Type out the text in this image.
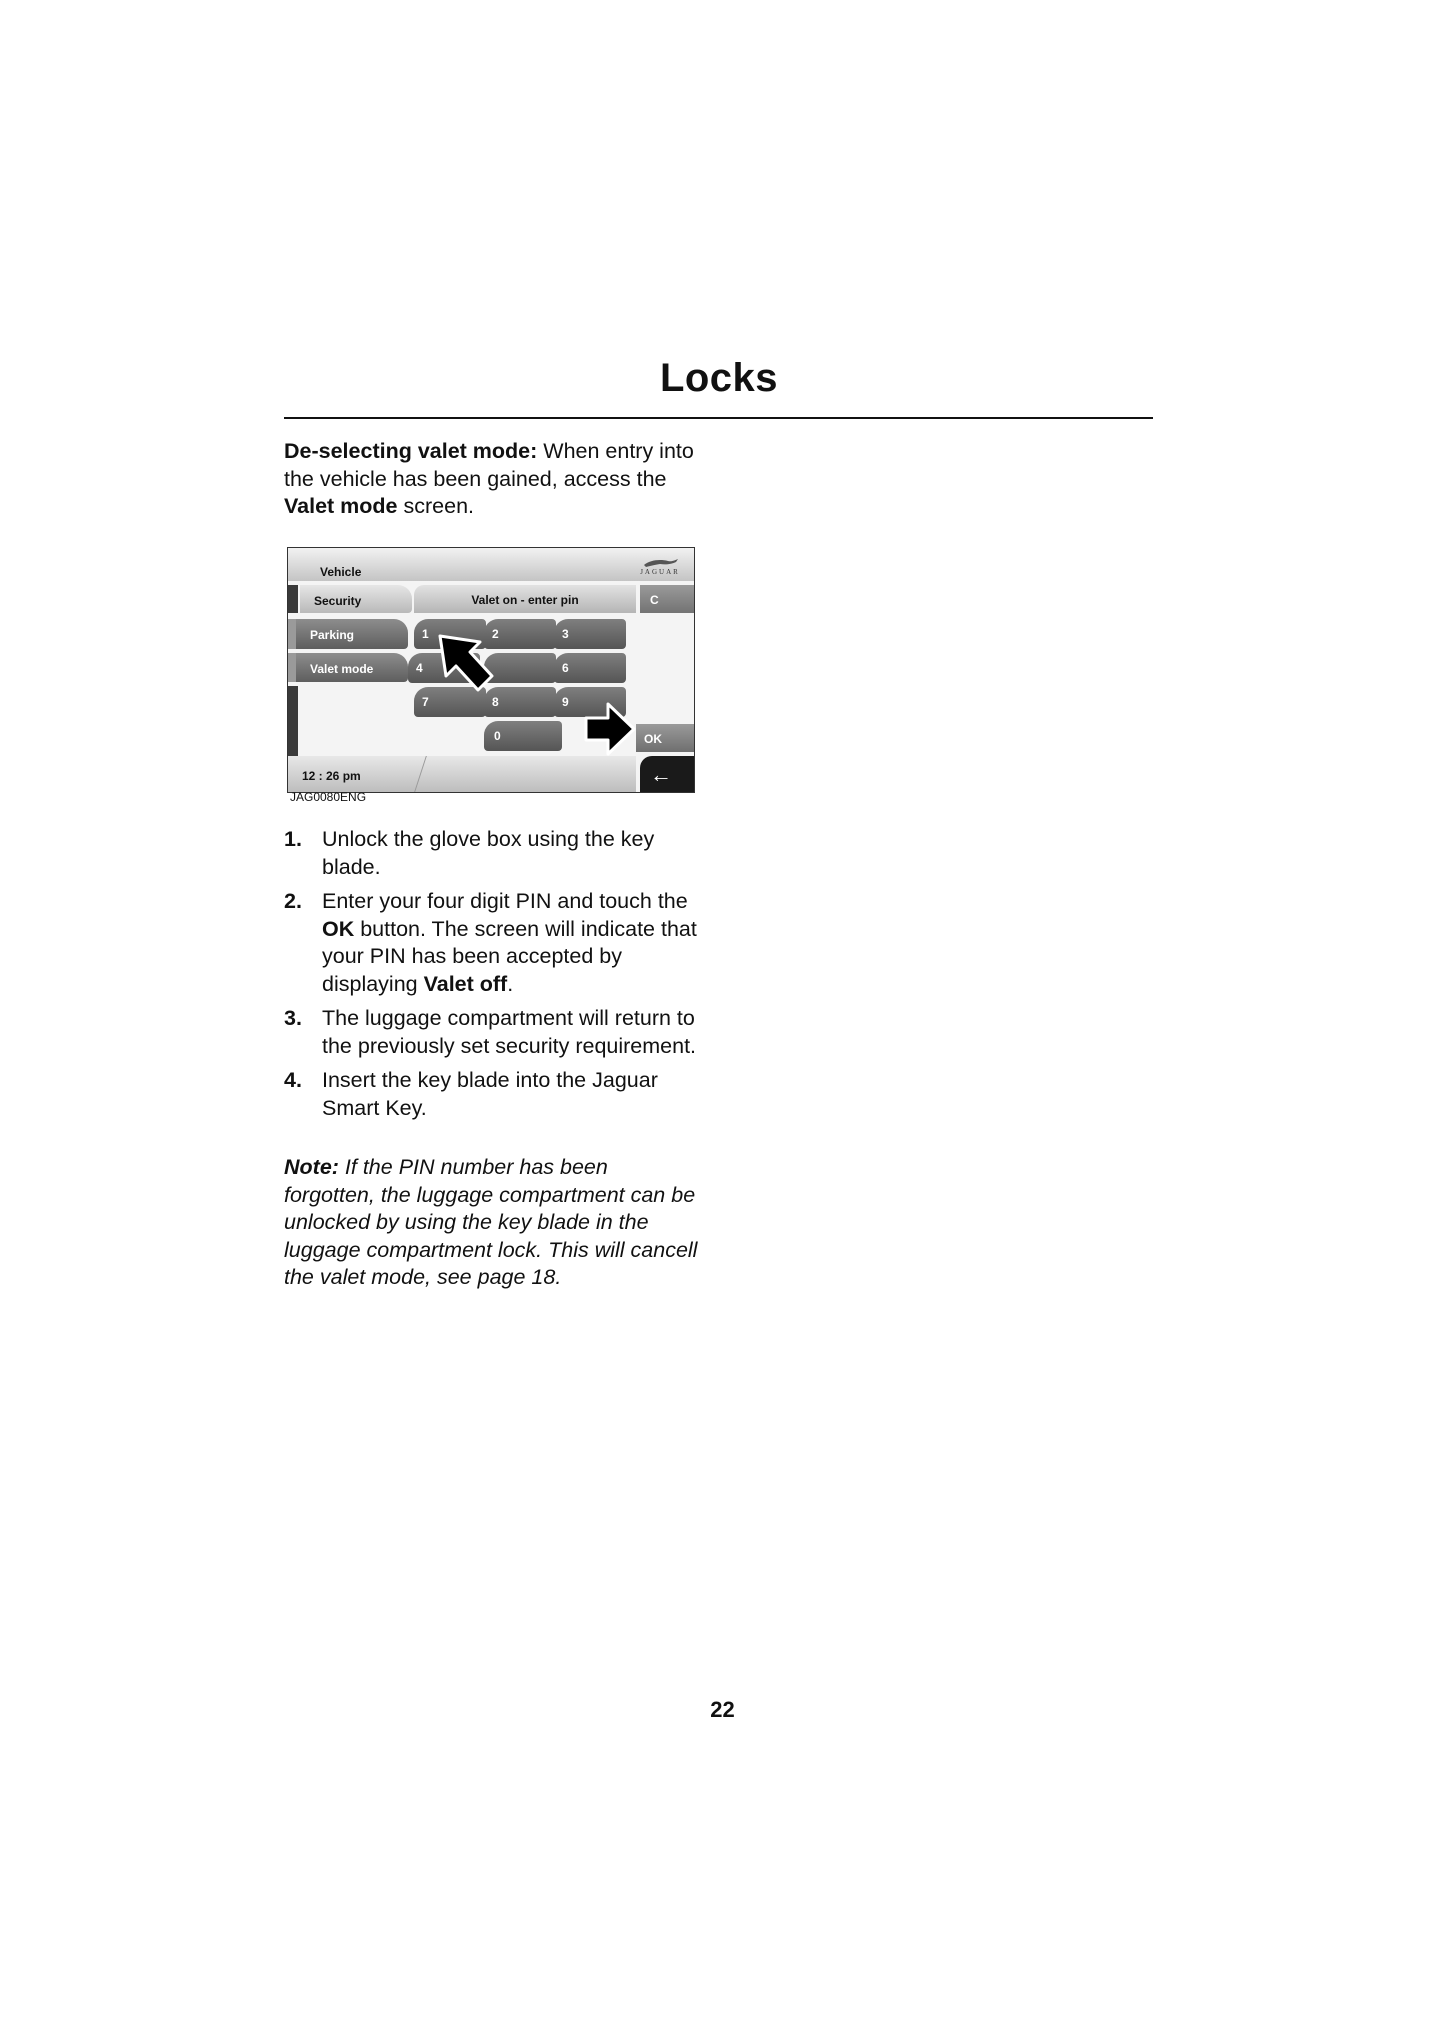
Locks
De-selecting valet mode: When entry into the vehicle has been gained, access the Valet mode screen.
Vehicle	JAGUAR
Security
Parking
Valet mode
Valet on - enter pin	C
1	2	3
4	6
7	8	9
0	OK
12 : 26 pm	←
JAG0080ENG
1. Unlock the glove box using the key blade.
2. Enter your four digit PIN and touch the OK button. The screen will indicate that your PIN has been accepted by displaying Valet off.
3. The luggage compartment will return to the previously set security requirement.
4. Insert the key blade into the Jaguar Smart Key.
Note: If the PIN number has been forgotten, the luggage compartment can be unlocked by using the key blade in the luggage compartment lock. This will cancell the valet mode, see page 18.
22
